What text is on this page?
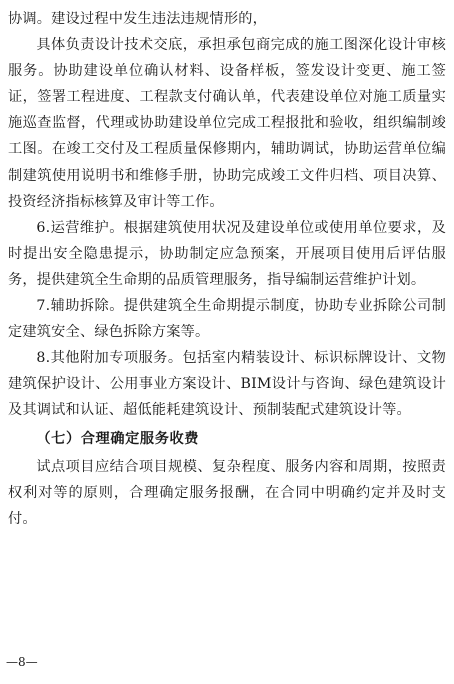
协调。建设过程中发生违法违规情形的，

具体负责设计技术交底，承担承包商完成的施工图深化设计审核服务。协助建设单位确认材料、设备样板，签发设计变更、施工签证，签署工程进度、工程款支付确认单，代表建设单位对施工质量实施巡查监督，代理或协助建设单位完成工程报批和验收，组织编制竣工图。在竣工交付及工程质量保修期内，辅助调试，协助运营单位编制建筑使用说明书和维修手册，协助完成竣工文件归档、项目决算、投资经济指标核算及审计等工作。

6.运营维护。根据建筑使用状况及建设单位或使用单位要求，及时提出安全隐患提示，协助制定应急预案，开展项目使用后评估服务，提供建筑全生命期的品质管理服务，指导编制运营维护计划。

7.辅助拆除。提供建筑全生命期提示制度，协助专业拆除公司制定建筑安全、绿色拆除方案等。

8.其他附加专项服务。包括室内精装设计、标识标牌设计、文物建筑保护设计、公用事业方案设计、BIM设计与咨询、绿色建筑设计及其调试和认证、超低能耗建筑设计、预制装配式建筑设计等。

（七）合理确定服务收费

试点项目应结合项目规模、复杂程度、服务内容和周期，按照责权利对等的原则，合理确定服务报酬，在合同中明确约定并及时支付。

—8—
